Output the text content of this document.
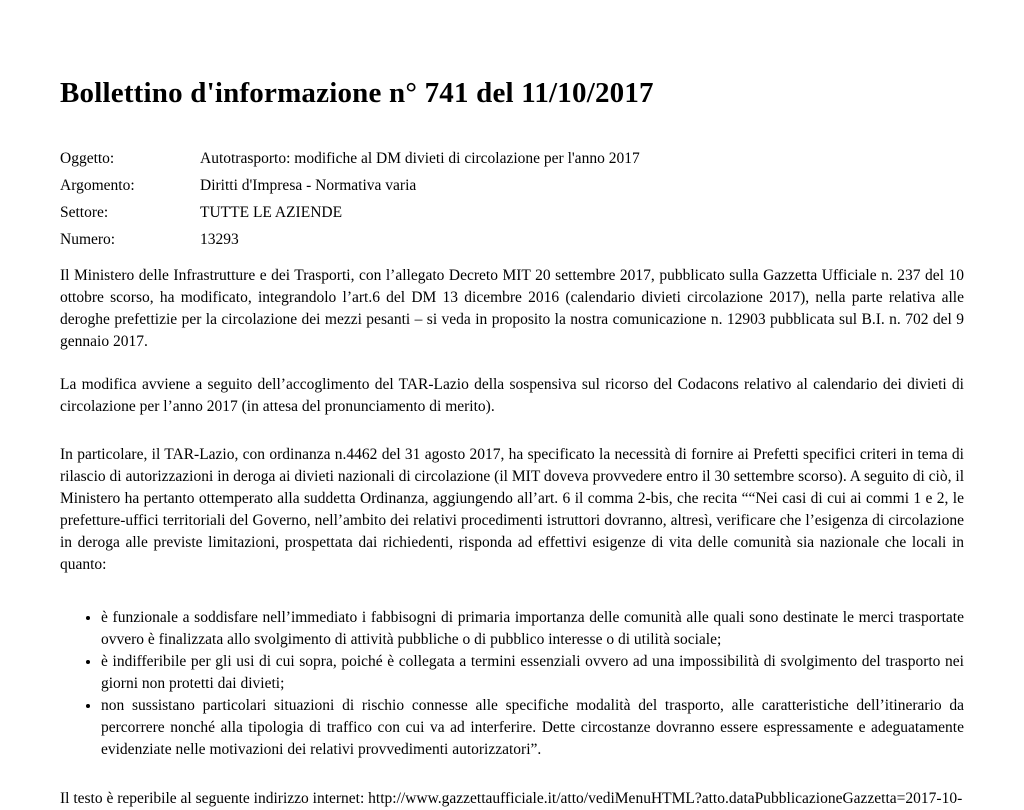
Bollettino d'informazione n° 741 del 11/10/2017
Oggetto:	Autotrasporto: modifiche al DM divieti di circolazione per l'anno 2017
Argomento:	Diritti d'Impresa - Normativa varia
Settore:	TUTTE LE AZIENDE
Numero:	13293

Il Ministero delle Infrastrutture e dei Trasporti, con l’allegato Decreto MIT 20 settembre 2017, pubblicato sulla Gazzetta Ufficiale n. 237 del 10 ottobre scorso, ha modificato, integrandolo l’art.6 del DM 13 dicembre 2016 (calendario divieti circolazione 2017), nella parte relativa alle deroghe prefettizie per la circolazione dei mezzi pesanti – si veda in proposito la nostra comunicazione n. 12903 pubblicata sul B.I. n. 702 del 9 gennaio 2017.

La modifica avviene a seguito dell’accoglimento del TAR-Lazio della sospensiva sul ricorso del Codacons relativo al calendario dei divieti di circolazione per l’anno 2017 (in attesa del pronunciamento di merito).

In particolare, il TAR-Lazio, con ordinanza n.4462 del 31 agosto 2017, ha specificato la necessità di fornire ai Prefetti specifici criteri in tema di rilascio di autorizzazioni in deroga ai divieti nazionali di circolazione (il MIT doveva provvedere entro il 30 settembre scorso). A seguito di ciò, il Ministero ha pertanto ottemperato alla suddetta Ordinanza, aggiungendo all’art. 6 il comma 2-bis, che recita ““Nei casi di cui ai commi 1 e 2, le prefetture-uffici territoriali del Governo, nell’ambito dei relativi procedimenti istruttori dovranno, altresì, verificare che l’esigenza di circolazione in deroga alle previste limitazioni, prospettata dai richiedenti, risponda ad effettivi esigenze di vita delle comunità sia nazionale che locali in quanto:

• è funzionale a soddisfare nell’immediato i fabbisogni di primaria importanza delle comunità alle quali sono destinate le merci trasportate ovvero è finalizzata allo svolgimento di attività pubbliche o di pubblico interesse o di utilità sociale;
• è indifferibile per gli usi di cui sopra, poiché è collegata a termini essenziali ovvero ad una impossibilità di svolgimento del trasporto nei giorni non protetti dai divieti;
• non sussistano particolari situazioni di rischio connesse alle specifiche modalità del trasporto, alle caratteristiche dell’itinerario da percorrere nonché alla tipologia di traffico con cui va ad interferire. Dette circostanze dovranno essere espressamente e adeguatamente evidenziate nelle motivazioni dei relativi provvedimenti autorizzatori”.

Il testo è reperibile al seguente indirizzo internet: http://www.gazzettaufficiale.it/atto/vediMenuHTML?atto.dataPubblicazioneGazzetta=2017-10-
